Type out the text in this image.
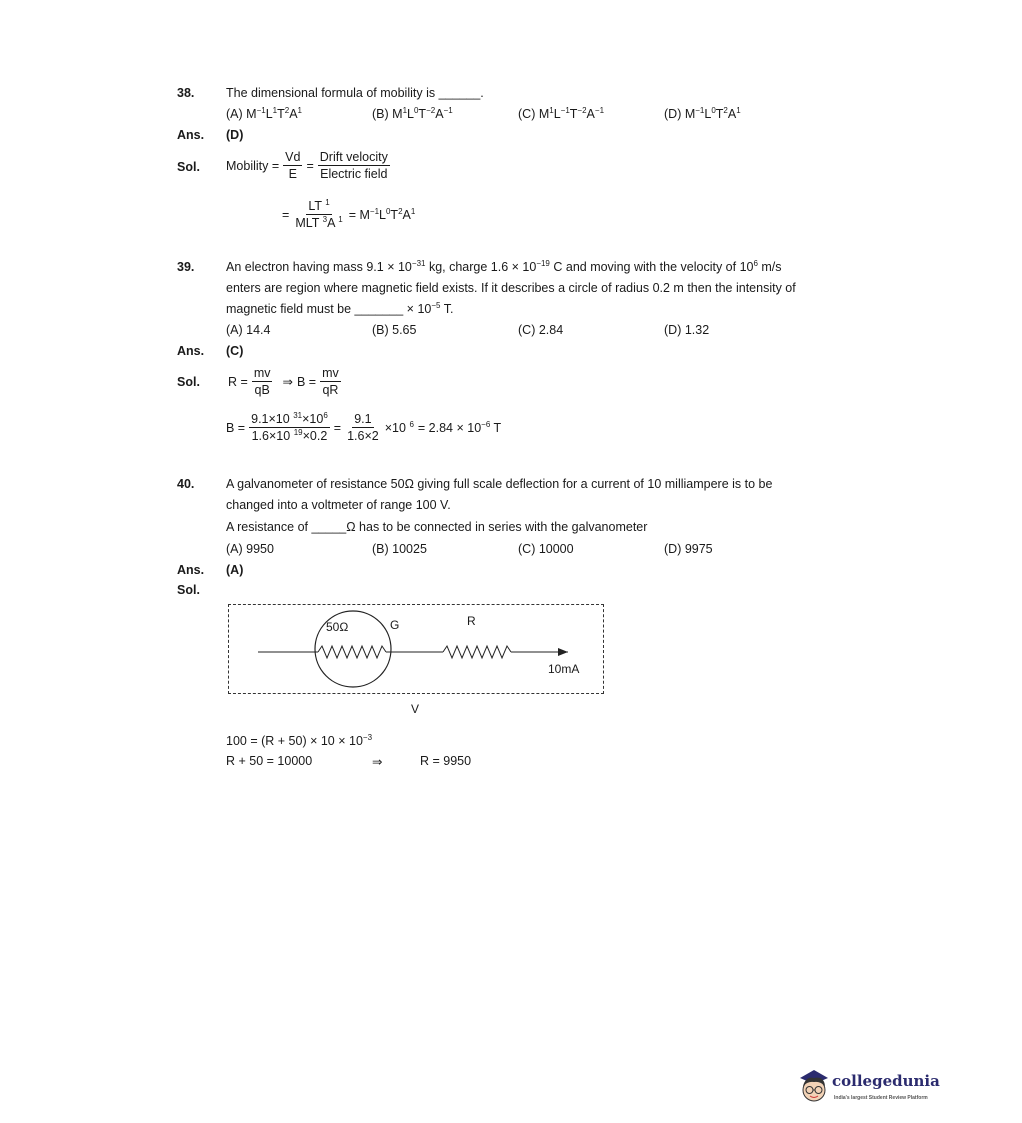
38.	The dimensional formula of mobility is ______.
(A) $M^{-1}L^1T^2A^1$	(B) $M^1L^0T^{-2}A^{-1}$	(C) $M^1L^{-1}T^{-2}A^{-1}$	(D) $M^{-1}L^0T^2A^1$
Ans. (D)
Sol. Mobility = $\frac{Vd}{E} = \frac{\text{Drift velocity}}{\text{Electric field}}$
= $\frac{LT ^1}{MLT ^3A ^1} = M^{-1}L^0T^2A^1$
39.	An electron having mass $9.1 \times 10^{-31}$ kg, charge $1.6 \times 10^{-19}$ C and moving with the velocity of $10^6$ m/s
enters are region where magnetic field exists. If it describes a circle of radius 0.2 m then the intensity of
magnetic field must be _______ × $10^{-5}$ T.
(A) 14.4	(B) 5.65	(C) 2.84	(D) 1.32
Ans. (C)
Sol. $R = \frac{mv}{qB}$ ⇒ $B = \frac{mv}{qR}$
$B = \frac{9.1\times 10 ^{31}\times 10^6}{1.6\times 10 ^{19}\times 0.2} = \frac{9.1}{1.6\times 2} \times 10$ $^6 = 2.84 \times 10^{-6}$ T
40.	A galvanometer of resistance 50Ω giving full scale deflection for a current of 10 milliampere is to be
changed into a voltmeter of range 100 V.
A resistance of _____Ω has to be connected in series with the galvanometer
(A) 9950	(B) 10025	(C) 10000	(D) 9975
Ans. (A)
Sol.
50Ω	G	R
10mA
V
$100 = (R + 50) \times 10 \times 10^{-3}$
R + 50 = 10000	⇒	R = 9950
collegedunia
India's largest Student Review Platform
